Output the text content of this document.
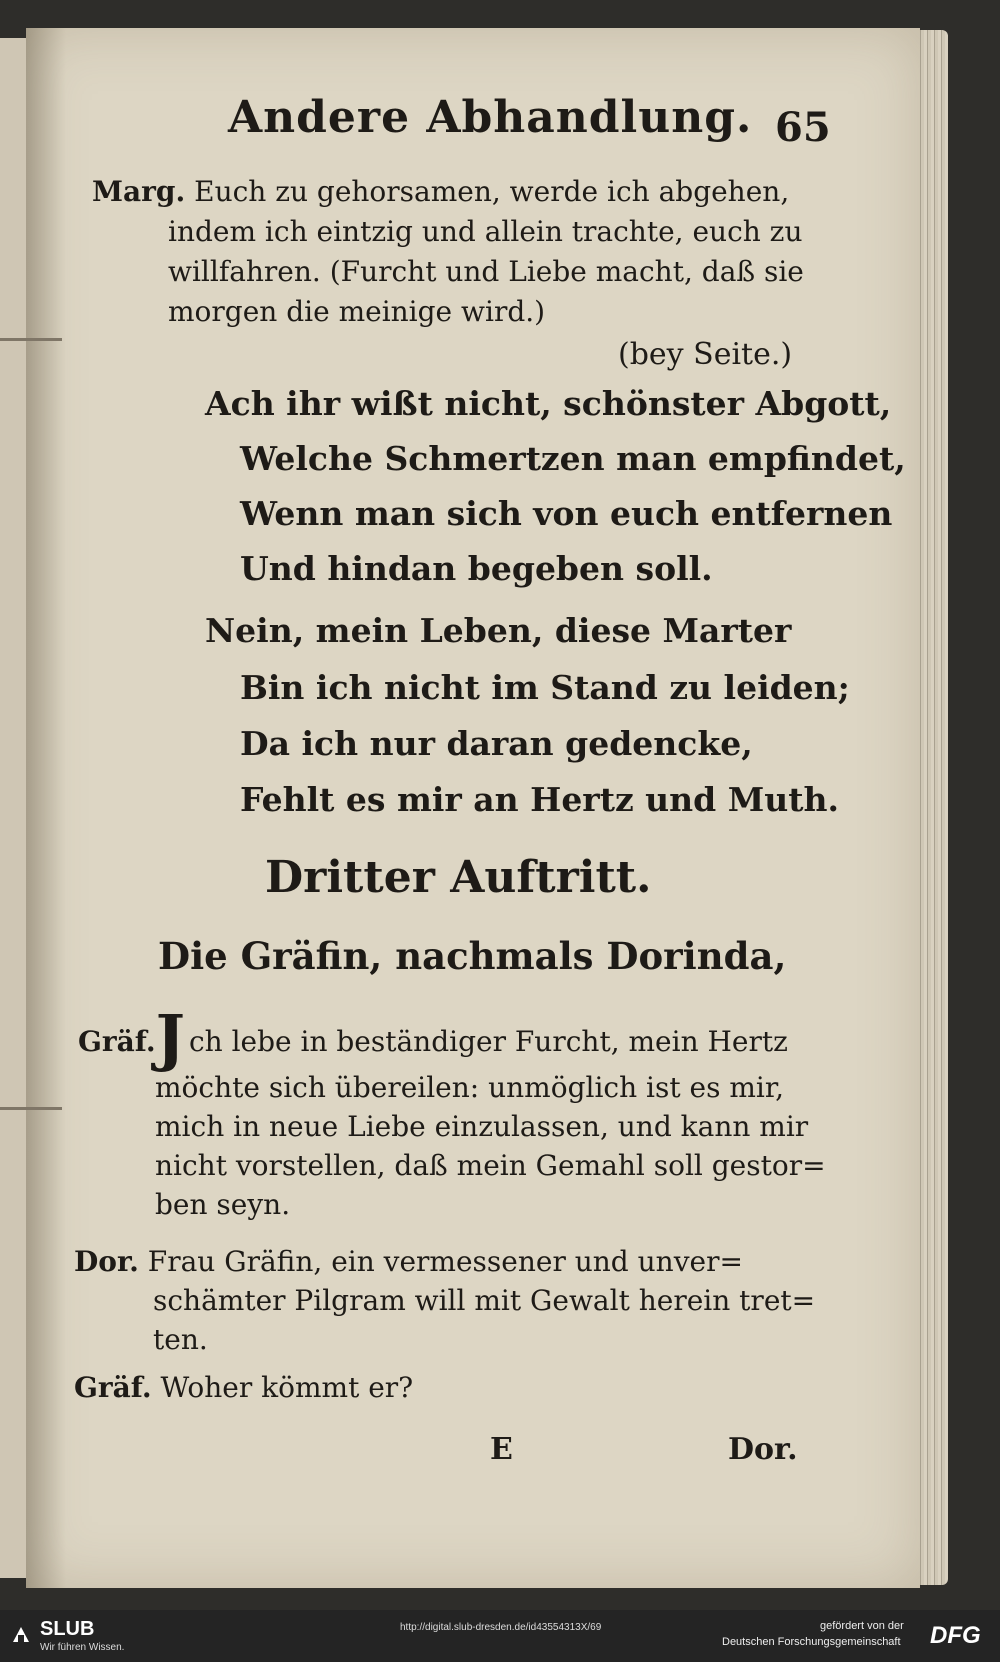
Andere Abhandlung. 65
Marg. Euch zu gehorsamen, werde ich abgehen,
indem ich eintzig und allein trachte, euch zu
willfahren. (Furcht und Liebe macht, daß sie
morgen die meinige wird.)
(bey Seite.)
Ach ihr wißt nicht, schönster Abgott,
Welche Schmertzen man empfindet,
Wenn man sich von euch entfernen
Und hindan begeben soll.
Nein, mein Leben, diese Marter
Bin ich nicht im Stand zu leiden;
Da ich nur daran gedencke,
Fehlt es mir an Hertz und Muth.
Dritter Auftritt.
Die Gräfin, nachmals Dorinda,
Gräf.J ch lebe in beständiger Furcht, mein Hertz
möchte sich übereilen: unmöglich ist es mir,
mich in neue Liebe einzulassen, und kann mir
nicht vorstellen, daß mein Gemahl soll gestor=
ben seyn.
Dor. Frau Gräfin, ein vermessener und unver=
schämter Pilgram will mit Gewalt herein tret=
ten.
Gräf. Woher kömmt er?
E	Dor.
SLUB
Wir führen Wissen.
http://digital.slub-dresden.de/id43554313X/69	gefördert von der
Deutschen Forschungsgemeinschaft DFG
